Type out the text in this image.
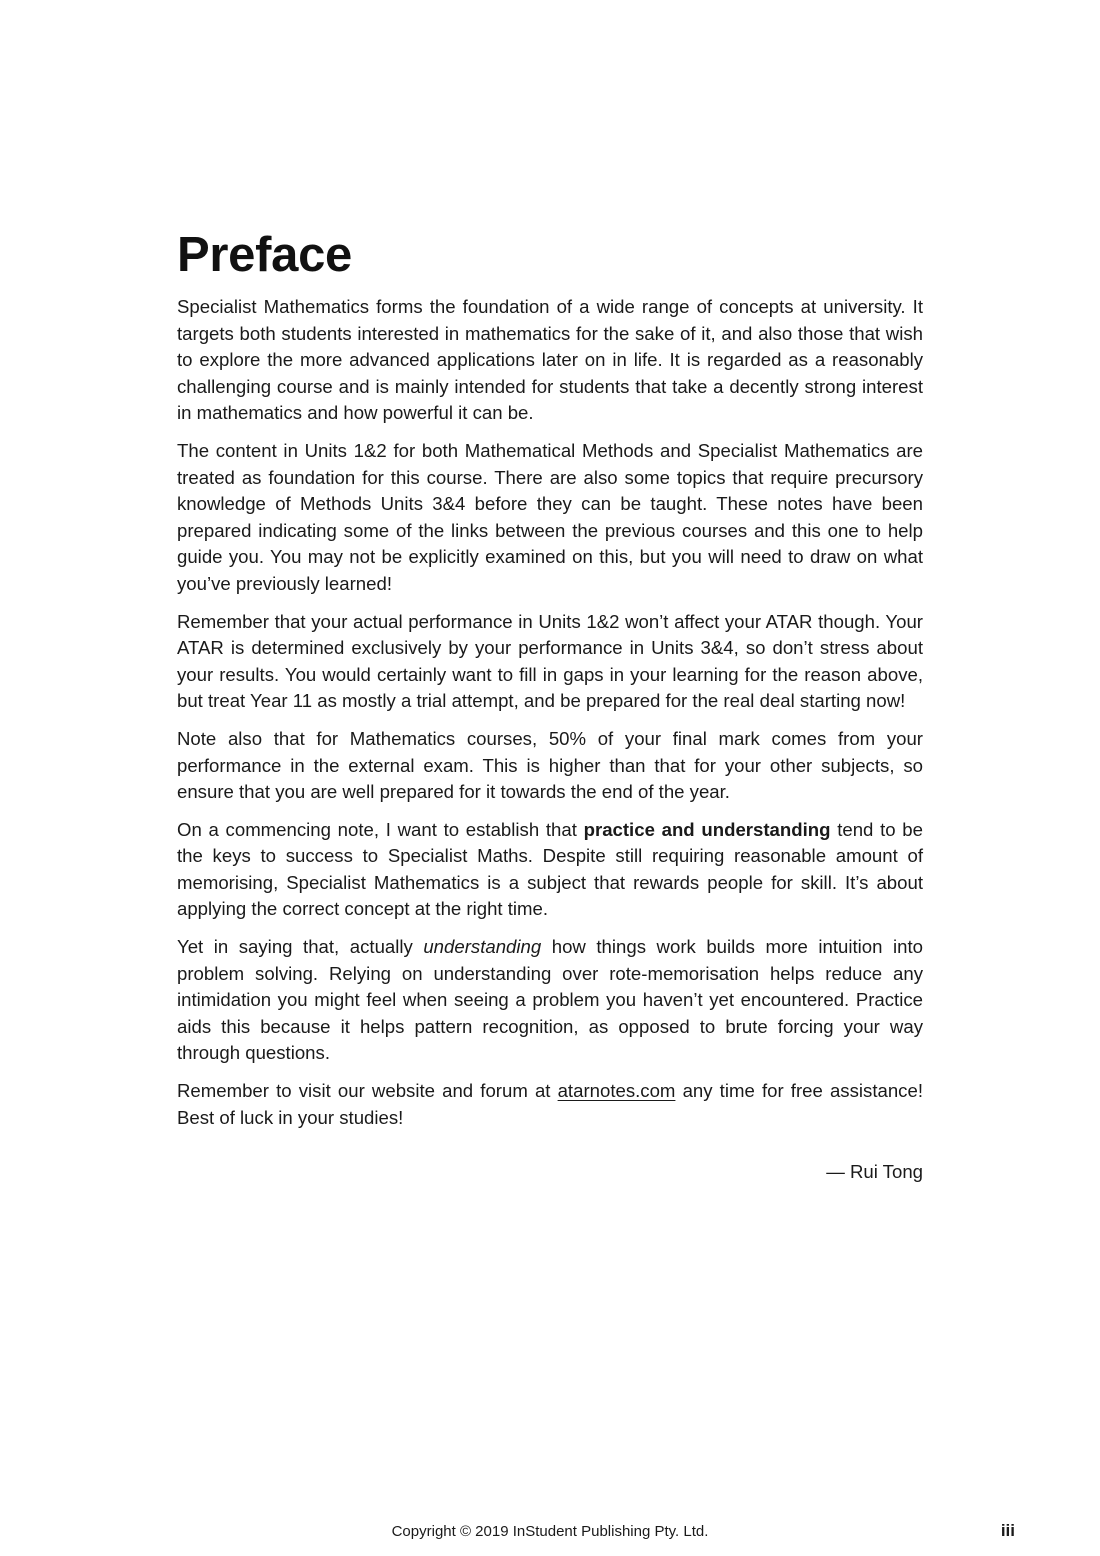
Preface

Specialist Mathematics forms the foundation of a wide range of concepts at university. It targets both students interested in mathematics for the sake of it, and also those that wish to explore the more advanced applications later on in life. It is regarded as a reasonably challenging course and is mainly intended for students that take a decently strong interest in mathematics and how powerful it can be.

The content in Units 1&2 for both Mathematical Methods and Specialist Mathematics are treated as foundation for this course. There are also some topics that require precursory knowledge of Methods Units 3&4 before they can be taught. These notes have been prepared indicating some of the links between the previous courses and this one to help guide you. You may not be explicitly examined on this, but you will need to draw on what you’ve previously learned!

Remember that your actual performance in Units 1&2 won’t affect your ATAR though. Your ATAR is determined exclusively by your performance in Units 3&4, so don’t stress about your results. You would certainly want to fill in gaps in your learning for the reason above, but treat Year 11 as mostly a trial attempt, and be prepared for the real deal starting now!

Note also that for Mathematics courses, 50% of your final mark comes from your performance in the external exam. This is higher than that for your other subjects, so ensure that you are well prepared for it towards the end of the year.

On a commencing note, I want to establish that practice and understanding tend to be the keys to success to Specialist Maths. Despite still requiring reasonable amount of memorising, Specialist Mathematics is a subject that rewards people for skill. It’s about applying the correct concept at the right time.

Yet in saying that, actually understanding how things work builds more intuition into problem solving. Relying on understanding over rote-memorisation helps reduce any intimidation you might feel when seeing a problem you haven’t yet encountered. Practice aids this because it helps pattern recognition, as opposed to brute forcing your way through questions.

Remember to visit our website and forum at atarnotes.com any time for free assistance! Best of luck in your studies!

— Rui Tong
Copyright © 2019 InStudent Publishing Pty. Ltd.	iii
